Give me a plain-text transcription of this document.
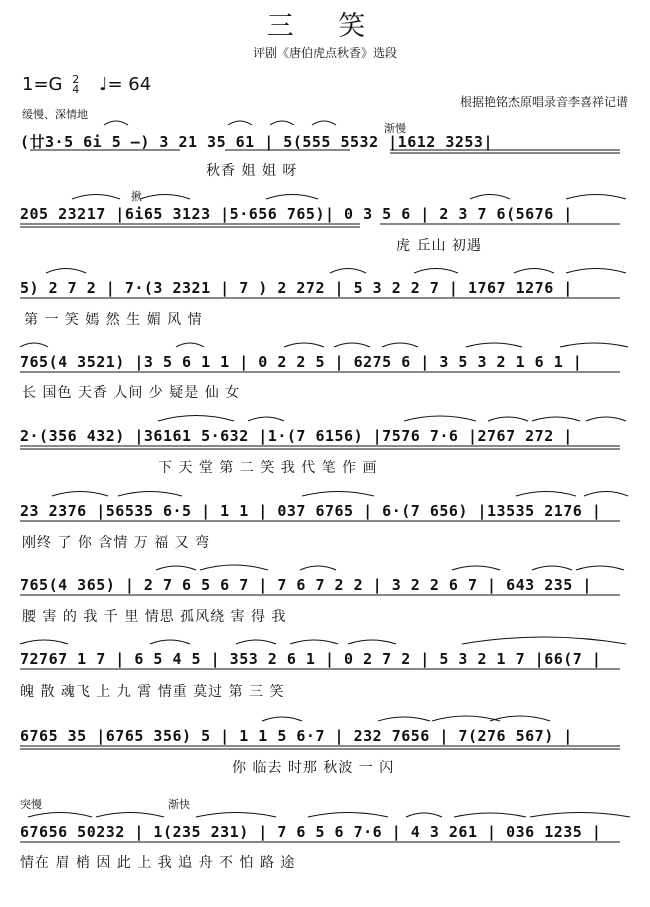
三 笑
评剧《唐伯虎点秋香》选段
1=G 2
4 ♩= 64
根据艳铭杰原唱录音李喜祥记谱
缓慢、深情地
渐慢
揪
突慢	渐快
(廿3·5 6i 5 –) 3 21 35 61 | 5(555 5532 |1612 3253|
秋香 姐 姐 呀
205 23217 |6i65 3123 |5·656 765)| 0 3 5 6 | 2 3 7 6(5676 |
虎 丘山 初遇
5) 2 7 2 | 7·(3 2321 | 7 ) 2 272 | 5 3 2 2 7 | 1767 1276 |
第 一 笑 嫣 然 生 媚 风 情
765(4 3521) |3 5 6 1 1 | 0 2 2 5 | 6275 6 | 3 5 3 2 1 6 1 |
长 国色 天香 人间 少 疑是 仙 女
2·(356 432) |36161 5·632 |1·(7 6156) |7576 7·6 |2767 272 |
下 天 堂 第 二 笑 我 代 笔 作 画
23 2376 |56535 6·5 | 1 1 | 037 6765 | 6·(7 656) |13535 2176 |
刚终 了 你 含情 万 福 又 弯
765(4 365) | 2 7 6 5 6 7 | 7 6 7 2 2 | 3 2 2 6 7 | 643 235 |
腰 害 的 我 千 里 情思 孤风绕 害 得 我
72767 1 7 | 6 5 4 5 | 353 2 6 1 | 0 2 7 2 | 5 3 2 1 7 |66(7 |
魄 散 魂飞 上 九 霄 情重 莫过 第 三 笑
6765 35 |6765 356) 5 | 1 1 5 6·7 | 232 7656 | 7(276 567) |
你 临去 时那 秋波 一 闪
67656 50232 | 1(235 231) | 7 6 5 6 7·6 | 4 3 261 | 036 1235 |
情在 眉 梢 因 此 上 我 追 舟 不 怕 路 途
